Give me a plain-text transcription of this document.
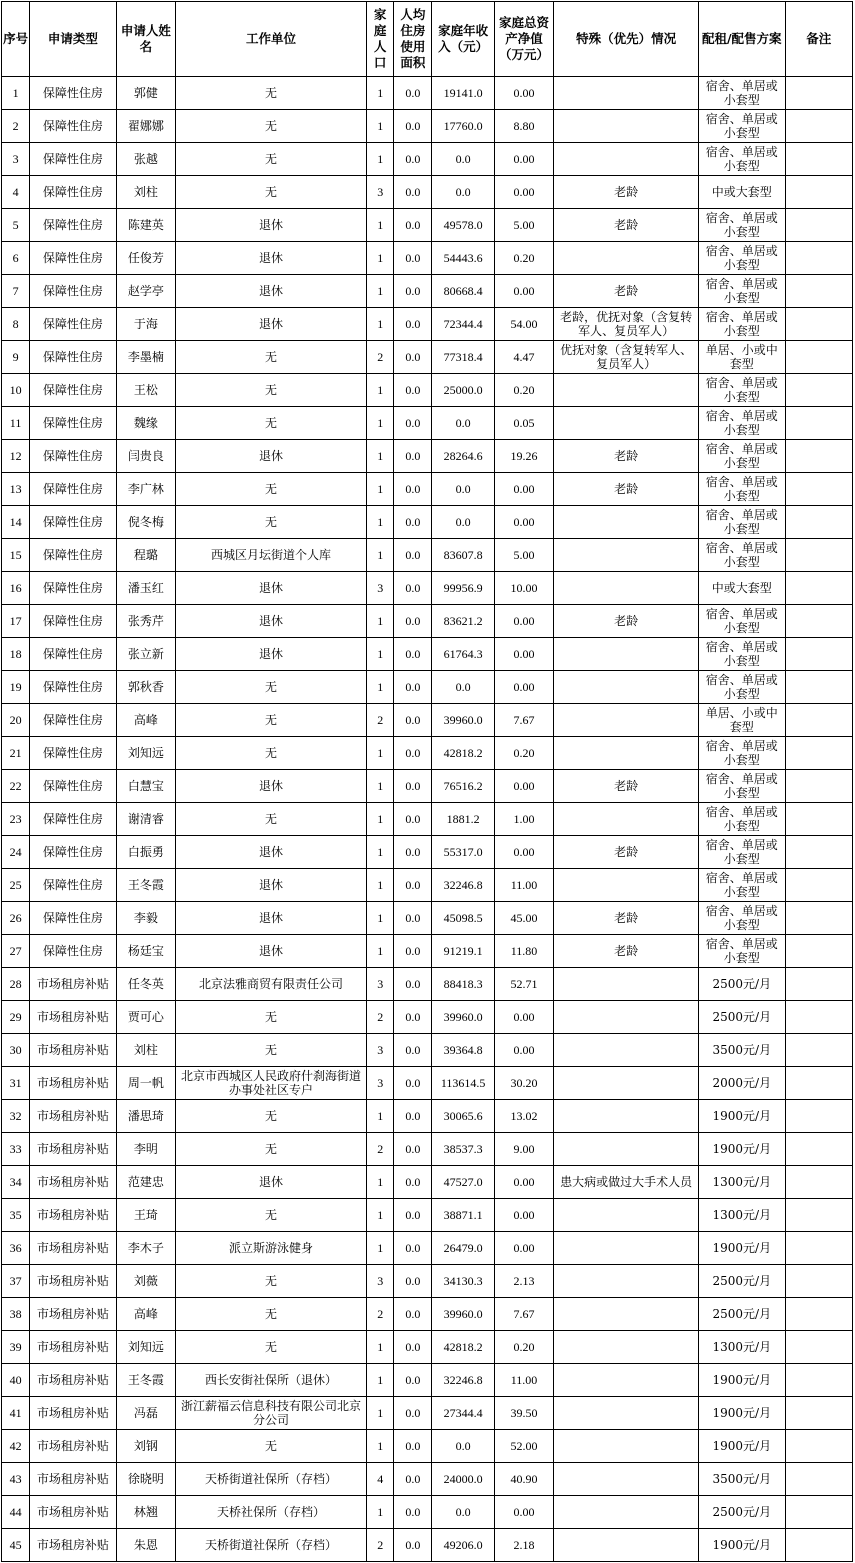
序号	申请类型	申请人姓名	工作单位	家庭人口	人均住房使用面积	家庭年收入（元）	家庭总资产净值（万元）	特殊（优先）情况	配租/配售方案	备注
1	保障性住房	郭健	无	1	0.0	19141.0	0.00		宿舍、单居或小套型	
2	保障性住房	翟娜娜	无	1	0.0	17760.0	8.80		宿舍、单居或小套型	
3	保障性住房	张越	无	1	0.0	0.0	0.00		宿舍、单居或小套型	
4	保障性住房	刘柱	无	3	0.0	0.0	0.00	老龄	中或大套型	
5	保障性住房	陈建英	退休	1	0.0	49578.0	5.00	老龄	宿舍、单居或小套型	
6	保障性住房	任俊芳	退休	1	0.0	54443.6	0.20		宿舍、单居或小套型	
7	保障性住房	赵学亭	退休	1	0.0	80668.4	0.00	老龄	宿舍、单居或小套型	
8	保障性住房	于海	退休	1	0.0	72344.4	54.00	老龄，优抚对象（含复转军人、复员军人）	宿舍、单居或小套型	
9	保障性住房	李墨楠	无	2	0.0	77318.4	4.47	优抚对象（含复转军人、复员军人）	单居、小或中套型	
10	保障性住房	王松	无	1	0.0	25000.0	0.20		宿舍、单居或小套型	
11	保障性住房	魏缘	无	1	0.0	0.0	0.05		宿舍、单居或小套型	
12	保障性住房	闫贵良	退休	1	0.0	28264.6	19.26	老龄	宿舍、单居或小套型	
13	保障性住房	李广林	无	1	0.0	0.0	0.00	老龄	宿舍、单居或小套型	
14	保障性住房	倪冬梅	无	1	0.0	0.0	0.00		宿舍、单居或小套型	
15	保障性住房	程璐	西城区月坛街道个人库	1	0.0	83607.8	5.00		宿舍、单居或小套型	
16	保障性住房	潘玉红	退休	3	0.0	99956.9	10.00		中或大套型	
17	保障性住房	张秀芹	退休	1	0.0	83621.2	0.00	老龄	宿舍、单居或小套型	
18	保障性住房	张立新	退休	1	0.0	61764.3	0.00		宿舍、单居或小套型	
19	保障性住房	郭秋香	无	1	0.0	0.0	0.00		宿舍、单居或小套型	
20	保障性住房	高峰	无	2	0.0	39960.0	7.67		单居、小或中套型	
21	保障性住房	刘知远	无	1	0.0	42818.2	0.20		宿舍、单居或小套型	
22	保障性住房	白慧宝	退休	1	0.0	76516.2	0.00	老龄	宿舍、单居或小套型	
23	保障性住房	谢清睿	无	1	0.0	1881.2	1.00		宿舍、单居或小套型	
24	保障性住房	白振勇	退休	1	0.0	55317.0	0.00	老龄	宿舍、单居或小套型	
25	保障性住房	王冬霞	退休	1	0.0	32246.8	11.00		宿舍、单居或小套型	
26	保障性住房	李毅	退休	1	0.0	45098.5	45.00	老龄	宿舍、单居或小套型	
27	保障性住房	杨廷宝	退休	1	0.0	91219.1	11.80	老龄	宿舍、单居或小套型	
28	市场租房补贴	任冬英	北京法雅商贸有限责任公司	3	0.0	88418.3	52.71		2500元/月	
29	市场租房补贴	贾可心	无	2	0.0	39960.0	0.00		2500元/月	
30	市场租房补贴	刘柱	无	3	0.0	39364.8	0.00		3500元/月	
31	市场租房补贴	周一帆	北京市西城区人民政府什刹海街道办事处社区专户	3	0.0	113614.5	30.20		2000元/月	
32	市场租房补贴	潘思琦	无	1	0.0	30065.6	13.02		1900元/月	
33	市场租房补贴	李明	无	2	0.0	38537.3	9.00		1900元/月	
34	市场租房补贴	范建忠	退休	1	0.0	47527.0	0.00	患大病或做过大手术人员	1300元/月	
35	市场租房补贴	王琦	无	1	0.0	38871.1	0.00		1300元/月	
36	市场租房补贴	李木子	派立斯游泳健身	1	0.0	26479.0	0.00		1900元/月	
37	市场租房补贴	刘薇	无	3	0.0	34130.3	2.13		2500元/月	
38	市场租房补贴	高峰	无	2	0.0	39960.0	7.67		2500元/月	
39	市场租房补贴	刘知远	无	1	0.0	42818.2	0.20		1300元/月	
40	市场租房补贴	王冬霞	西长安街社保所（退休）	1	0.0	32246.8	11.00		1900元/月	
41	市场租房补贴	冯磊	浙江薪福云信息科技有限公司北京分公司	1	0.0	27344.4	39.50		1900元/月	
42	市场租房补贴	刘钢	无	1	0.0	0.0	52.00		1900元/月	
43	市场租房补贴	徐晓明	天桥街道社保所（存档）	4	0.0	24000.0	40.90		3500元/月	
44	市场租房补贴	林翘	天桥社保所（存档）	1	0.0	0.0	0.00		2500元/月	
45	市场租房补贴	朱恩	天桥街道社保所（存档）	2	0.0	49206.0	2.18		1900元/月	
